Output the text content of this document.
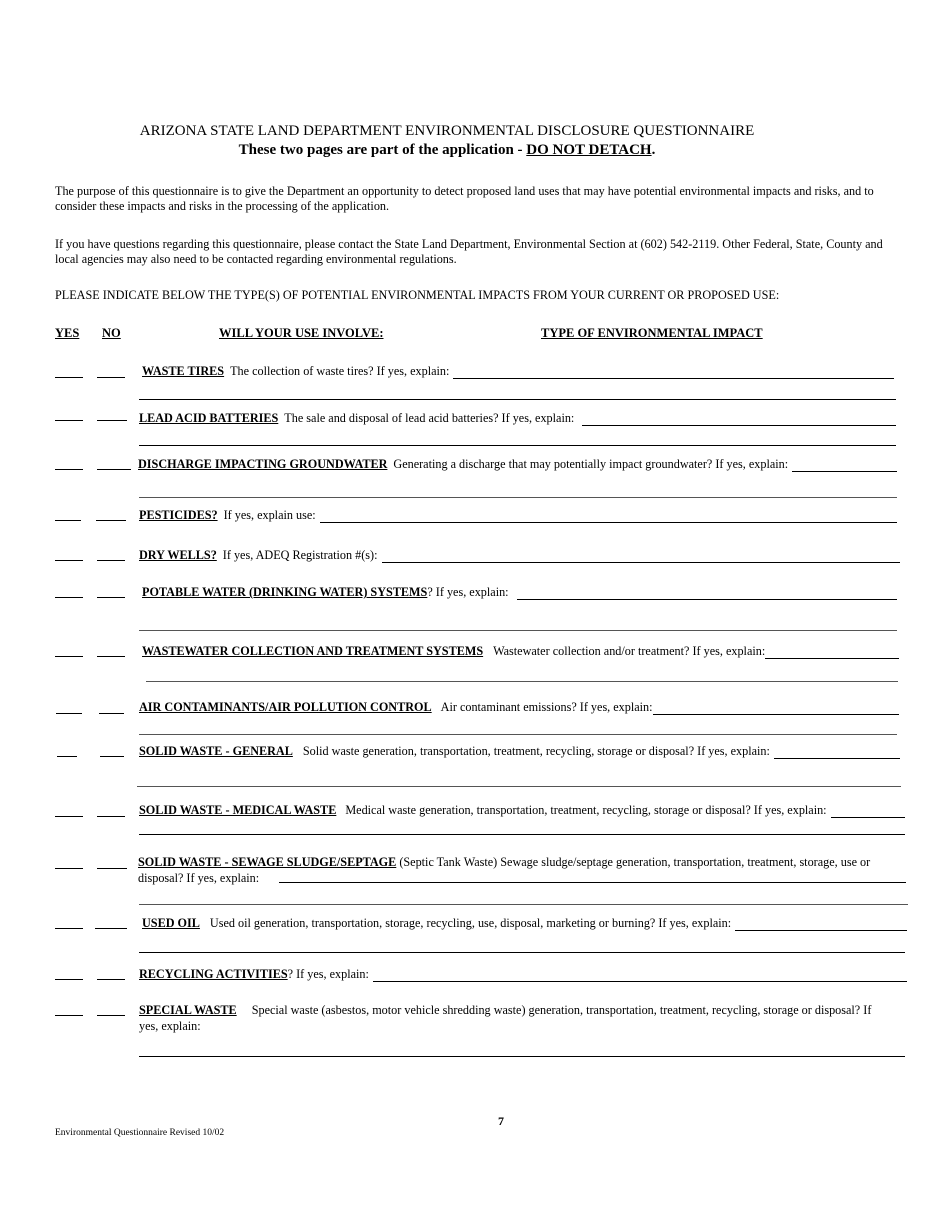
ARIZONA STATE LAND DEPARTMENT ENVIRONMENTAL DISCLOSURE QUESTIONNAIRE
These two pages are part of the application - DO NOT DETACH.
The purpose of this questionnaire is to give the Department an opportunity to detect proposed land uses that may have potential environmental impacts and risks, and to consider these impacts and risks in the processing of the application.
If you have questions regarding this questionnaire, please contact the State Land Department, Environmental Section at (602) 542-2119. Other Federal, State, County and local agencies may also need to be contacted regarding environmental regulations.
PLEASE INDICATE BELOW THE TYPE(S) OF POTENTIAL ENVIRONMENTAL IMPACTS FROM YOUR CURRENT OR PROPOSED USE:
YES NO	WILL YOUR USE INVOLVE:	TYPE OF ENVIRONMENTAL IMPACT
WASTE TIRES The collection of waste tires? If yes, explain:
LEAD ACID BATTERIES The sale and disposal of lead acid batteries? If yes, explain:
DISCHARGE IMPACTING GROUNDWATER Generating a discharge that may potentially impact groundwater? If yes, explain:
PESTICIDES? If yes, explain use:
DRY WELLS? If yes, ADEQ Registration #(s):
POTABLE WATER (DRINKING WATER) SYSTEMS ? If yes, explain:
WASTEWATER COLLECTION AND TREATMENT SYSTEMS Wastewater collection and/or treatment? If yes, explain:
AIR CONTAMINANTS/AIR POLLUTION CONTROL Air contaminant emissions? If yes, explain:
SOLID WASTE - GENERAL Solid waste generation, transportation, treatment, recycling, storage or disposal? If yes, explain:
SOLID WASTE - MEDICAL WASTE Medical waste generation, transportation, treatment, recycling, storage or disposal? If yes, explain:
SOLID WASTE - SEWAGE SLUDGE/SEPTAGE (Septic Tank Waste) Sewage sludge/septage generation, transportation, treatment, storage, use or disposal? If yes, explain:
USED OIL Used oil generation, transportation, storage, recycling, use, disposal, marketing or burning? If yes, explain:
RECYCLING ACTIVITIES ? If yes, explain:
SPECIAL WASTE Special waste (asbestos, motor vehicle shredding waste) generation, transportation, treatment, recycling, storage or disposal? If yes, explain:
7
Environmental Questionnaire Revised 10/02
